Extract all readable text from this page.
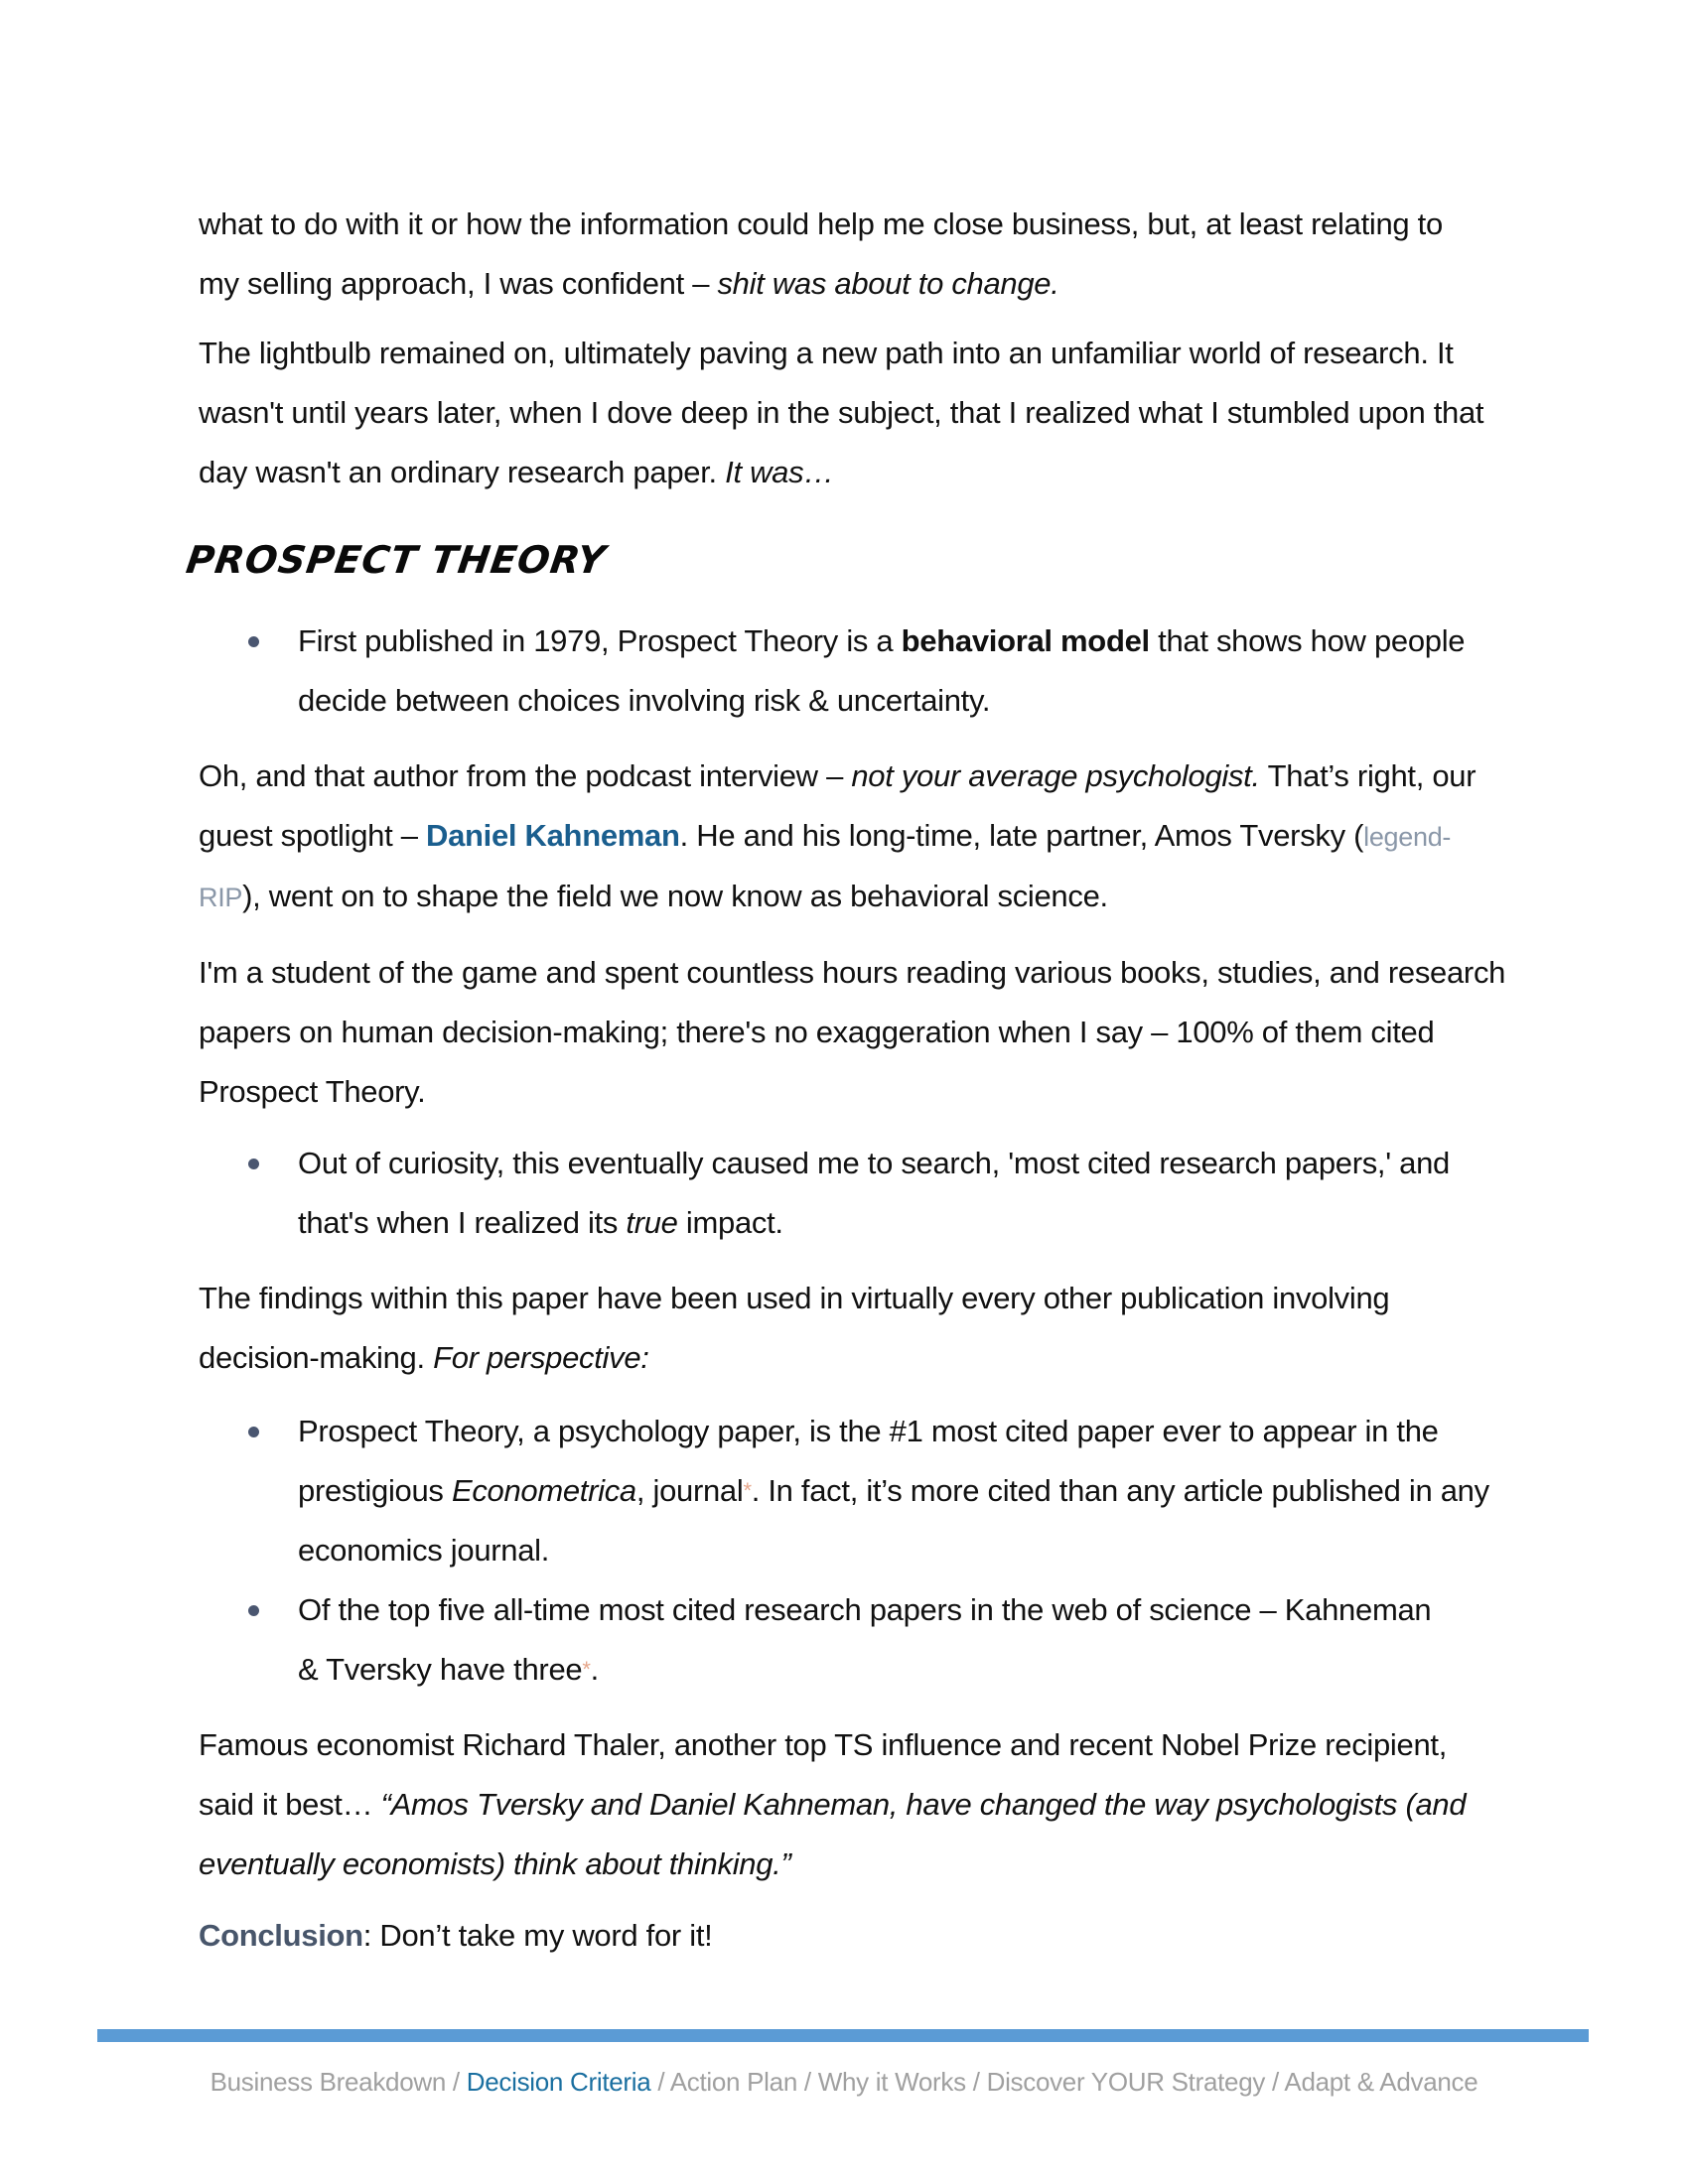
what to do with it or how the information could help me close business, but, at least relating to my selling approach, I was confident – shit was about to change.

The lightbulb remained on, ultimately paving a new path into an unfamiliar world of research. It wasn't until years later, when I dove deep in the subject, that I realized what I stumbled upon that day wasn't an ordinary research paper. It was…

PROSPECT THEORY
First published in 1979, Prospect Theory is a behavioral model that shows how people decide between choices involving risk & uncertainty.

Oh, and that author from the podcast interview – not your average psychologist. That’s right, our guest spotlight – Daniel Kahneman. He and his long-time, late partner, Amos Tversky (legend- RIP), went on to shape the field we now know as behavioral science.

I'm a student of the game and spent countless hours reading various books, studies, and research papers on human decision-making; there's no exaggeration when I say – 100% of them cited Prospect Theory.

Out of curiosity, this eventually caused me to search, 'most cited research papers,' and that's when I realized its true impact.

The findings within this paper have been used in virtually every other publication involving decision-making. For perspective:

Prospect Theory, a psychology paper, is the #1 most cited paper ever to appear in the prestigious Econometrica, journal*. In fact, it’s more cited than any article published in any economics journal.
Of the top five all-time most cited research papers in the web of science – Kahneman & Tversky have three*.

Famous economist Richard Thaler, another top TS influence and recent Nobel Prize recipient, said it best… “Amos Tversky and Daniel Kahneman, have changed the way psychologists (and eventually economists) think about thinking.”

Conclusion: Don’t take my word for it!

Business Breakdown / Decision Criteria / Action Plan / Why it Works / Discover YOUR Strategy / Adapt & Advance
